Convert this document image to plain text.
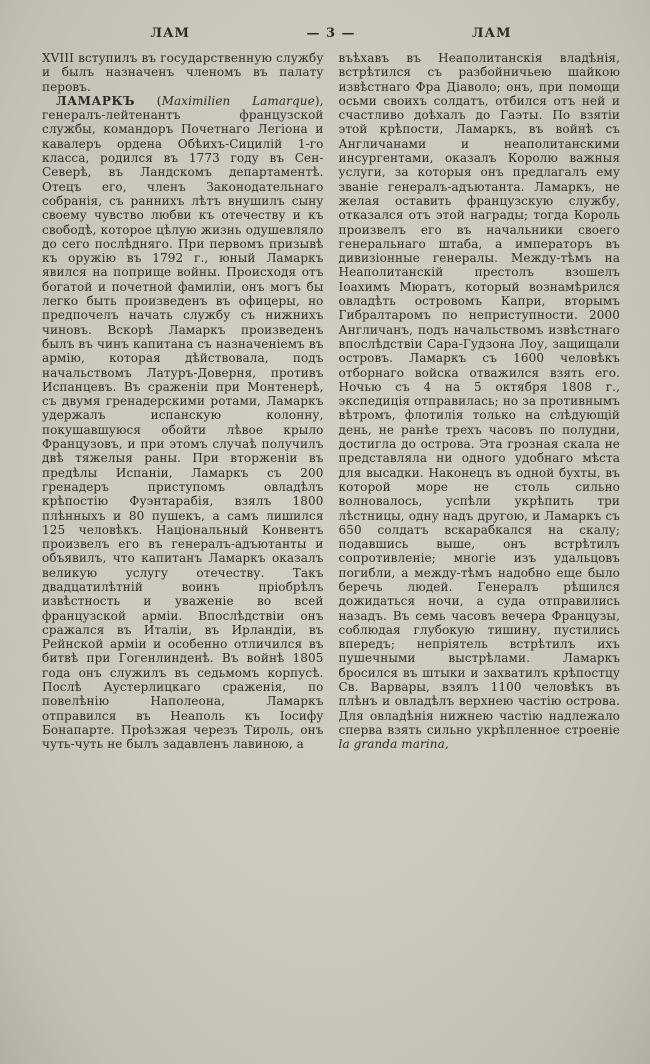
ЛАМ	— 3 —	ЛАМ

XVIII вступилъ въ государственную службу и былъ назначенъ членомъ въ палату перовъ.

ЛАМАРКЪ (Maximilien Lamarque), генералъ-лейтенантъ французской службы, командоръ Почетнаго Легіона и кавалеръ ордена Обѣихъ-Сицилій 1-го класса, родился въ 1773 году въ Сен-Северѣ, въ Ландскомъ департаментѣ. Отецъ его, членъ Законодательнаго собранія, съ раннихъ лѣтъ внушилъ сыну своему чувство любви къ отечеству и къ свободѣ, которое цѣлую жизнь одушевляло до сего послѣдняго. При первомъ призывѣ къ оружію въ 1792 г., юный Ламаркъ явился на поприще войны. Происходя отъ богатой и почетной фамиліи, онъ могъ бы легко быть произведенъ въ офицеры, но предпочелъ начать службу съ нижнихъ чиновъ. Вскорѣ Ламаркъ произведенъ былъ въ чинъ капитана съ назначеніемъ въ армію, которая дѣйствовала, подъ начальствомъ Латуръ-Доверня, противъ Испанцевъ. Въ сраженіи при Монтенерѣ, съ двумя гренадерскими ротами, Ламаркъ удержалъ испанскую колонну, покушавшуюся обойти лѣвое крыло Французовъ, и при этомъ случаѣ получилъ двѣ тяжелыя раны. При вторженіи въ предѣлы Испаніи, Ламаркъ съ 200 гренадеръ приступомъ овладѣлъ крѣпостію Фуэнтарабія, взялъ 1800 плѣнныхъ и 80 пушекъ, а самъ лишился 125 человѣкъ. Національный Конвентъ произвелъ его въ генералъ-адъютанты и объявилъ, что капитанъ Ламаркъ оказалъ великую услугу отечеству. Такъ двадцатилѣтній воинъ пріобрѣлъ извѣстность и уваженіе во всей французской арміи. Впослѣдствіи онъ сражался въ Италіи, въ Ирландіи, въ Рейнской арміи и особенно отличился въ битвѣ при Гогенлинденѣ. Въ войнѣ 1805 года онъ служилъ въ седьмомъ корпусѣ. Послѣ Аустерлицкаго сраженія, по повелѣнію Наполеона, Ламаркъ отправился въ Неаполь къ Іосифу Бонапарте. Проѣзжая черезъ Тироль, онъ чуть-чуть не былъ задавленъ лавиною, а

въѣхавъ въ Неаполитанскія владѣнія, встрѣтился съ разбойничьею шайкою извѣстнаго Фра Діаволо; онъ, при помощи осьми своихъ солдатъ, отбился отъ ней и счастливо доѣхалъ до Гаэты. По взятіи этой крѣпости, Ламаркъ, въ войнѣ съ Англичанами и неаполитанскими инсургентами, оказалъ Королю важныя услуги, за которыя онъ предлагалъ ему званіе генералъ-адъютанта. Ламаркъ, не желая оставить французскую службу, отказался отъ этой награды; тогда Король произвелъ его въ начальники своего генеральнаго штаба, а императоръ въ дивизіонные генералы. Между-тѣмъ на Неаполитанскій престолъ взошелъ Іоахимъ Мюратъ, который вознамѣрился овладѣть островомъ Капри, вторымъ Гибралтаромъ по неприступности. 2000 Англичанъ, подъ начальствомъ извѣстнаго впослѣдствіи Сара-Гудзона Лоу, защищали островъ. Ламаркъ съ 1600 человѣкъ отборнаго войска отважился взять его. Ночью съ 4 на 5 октября 1808 г., экспедиція отправилась; но за противнымъ вѣтромъ, флотилія только на слѣдующій день, не ранѣе трехъ часовъ по полудни, достигла до острова. Эта грозная скала не представляла ни одного удобнаго мѣста для высадки. Наконецъ въ одной бухты, въ которой море не столь сильно волновалось, успѣли укрѣпить три лѣстницы, одну надъ другою, и Ламаркъ съ 650 солдатъ вскарабкался на скалу; подавшись выше, онъ встрѣтилъ сопротивленіе; многіе изъ удальцовъ погибли, а между-тѣмъ надобно еще было беречь людей. Генералъ рѣшился дожидаться ночи, а суда отправились назадъ. Въ семь часовъ вечера Французы, соблюдая глубокую тишину, пустились впередъ; непріятель встрѣтилъ ихъ пушечными выстрѣлами. Ламаркъ бросился въ штыки и захватилъ крѣпостцу Св. Варвары, взялъ 1100 человѣкъ въ плѣнъ и овладѣлъ верхнею частію острова. Для овладѣнія нижнею частію надлежало сперва взять сильно укрѣпленное строеніе la granda marina,
